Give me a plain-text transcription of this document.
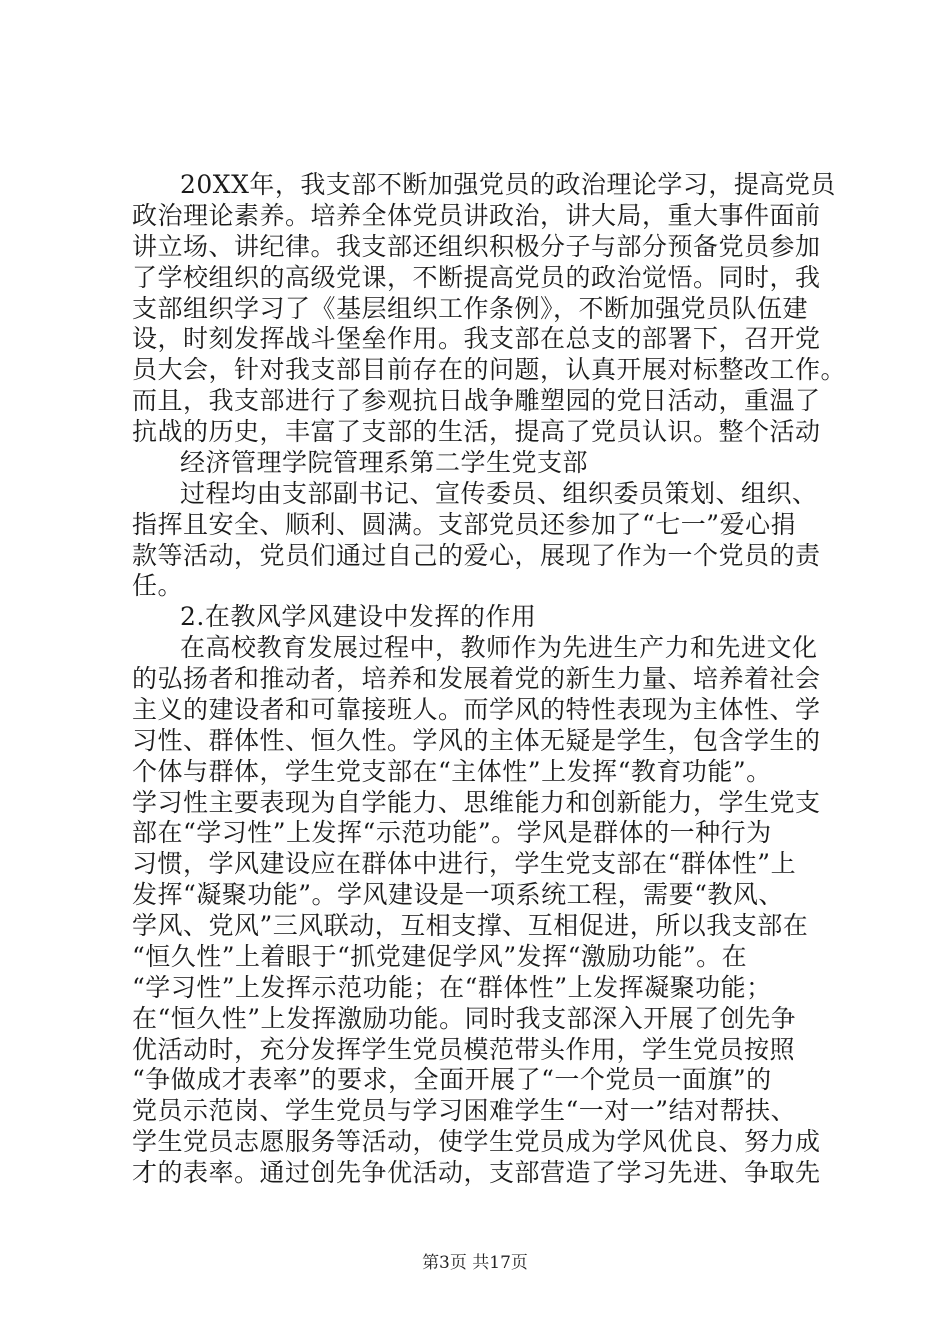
20XX年，我支部不断加强党员的政治理论学习，提高党员
政治理论素养。培养全体党员讲政治，讲大局，重大事件面前
讲立场、讲纪律。我支部还组织积极分子与部分预备党员参加
了学校组织的高级党课，不断提高党员的政治觉悟。同时，我
支部组织学习了《基层组织工作条例》，不断加强党员队伍建
设，时刻发挥战斗堡垒作用。我支部在总支的部署下，召开党
员大会，针对我支部目前存在的问题，认真开展对标整改工作。
而且，我支部进行了参观抗日战争雕塑园的党日活动，重温了
抗战的历史，丰富了支部的生活，提高了党员认识。整个活动
经济管理学院管理系第二学生党支部
过程均由支部副书记、宣传委员、组织委员策划、组织、
指挥且安全、顺利、圆满。支部党员还参加了“七一”爱心捐
款等活动，党员们通过自己的爱心，展现了作为一个党员的责
任。
2.在教风学风建设中发挥的作用
在高校教育发展过程中，教师作为先进生产力和先进文化
的弘扬者和推动者，培养和发展着党的新生力量、培养着社会
主义的建设者和可靠接班人。而学风的特性表现为主体性、学
习性、群体性、恒久性。学风的主体无疑是学生，包含学生的
个体与群体，学生党支部在“主体性”上发挥“教育功能”。
学习性主要表现为自学能力、思维能力和创新能力，学生党支
部在“学习性”上发挥“示范功能”。学风是群体的一种行为
习惯，学风建设应在群体中进行，学生党支部在“群体性”上
发挥“凝聚功能”。学风建设是一项系统工程，需要“教风、
学风、党风”三风联动，互相支撑、互相促进，所以我支部在
“恒久性”上着眼于“抓党建促学风”发挥“激励功能”。在
“学习性”上发挥示范功能；在“群体性”上发挥凝聚功能；
在“恒久性”上发挥激励功能。同时我支部深入开展了创先争
优活动时，充分发挥学生党员模范带头作用，学生党员按照
“争做成才表率”的要求，全面开展了“一个党员一面旗”的
党员示范岗、学生党员与学习困难学生“一对一”结对帮扶、
学生党员志愿服务等活动，使学生党员成为学风优良、努力成
才的表率。通过创先争优活动，支部营造了学习先进、争取先
第3页 共17页
